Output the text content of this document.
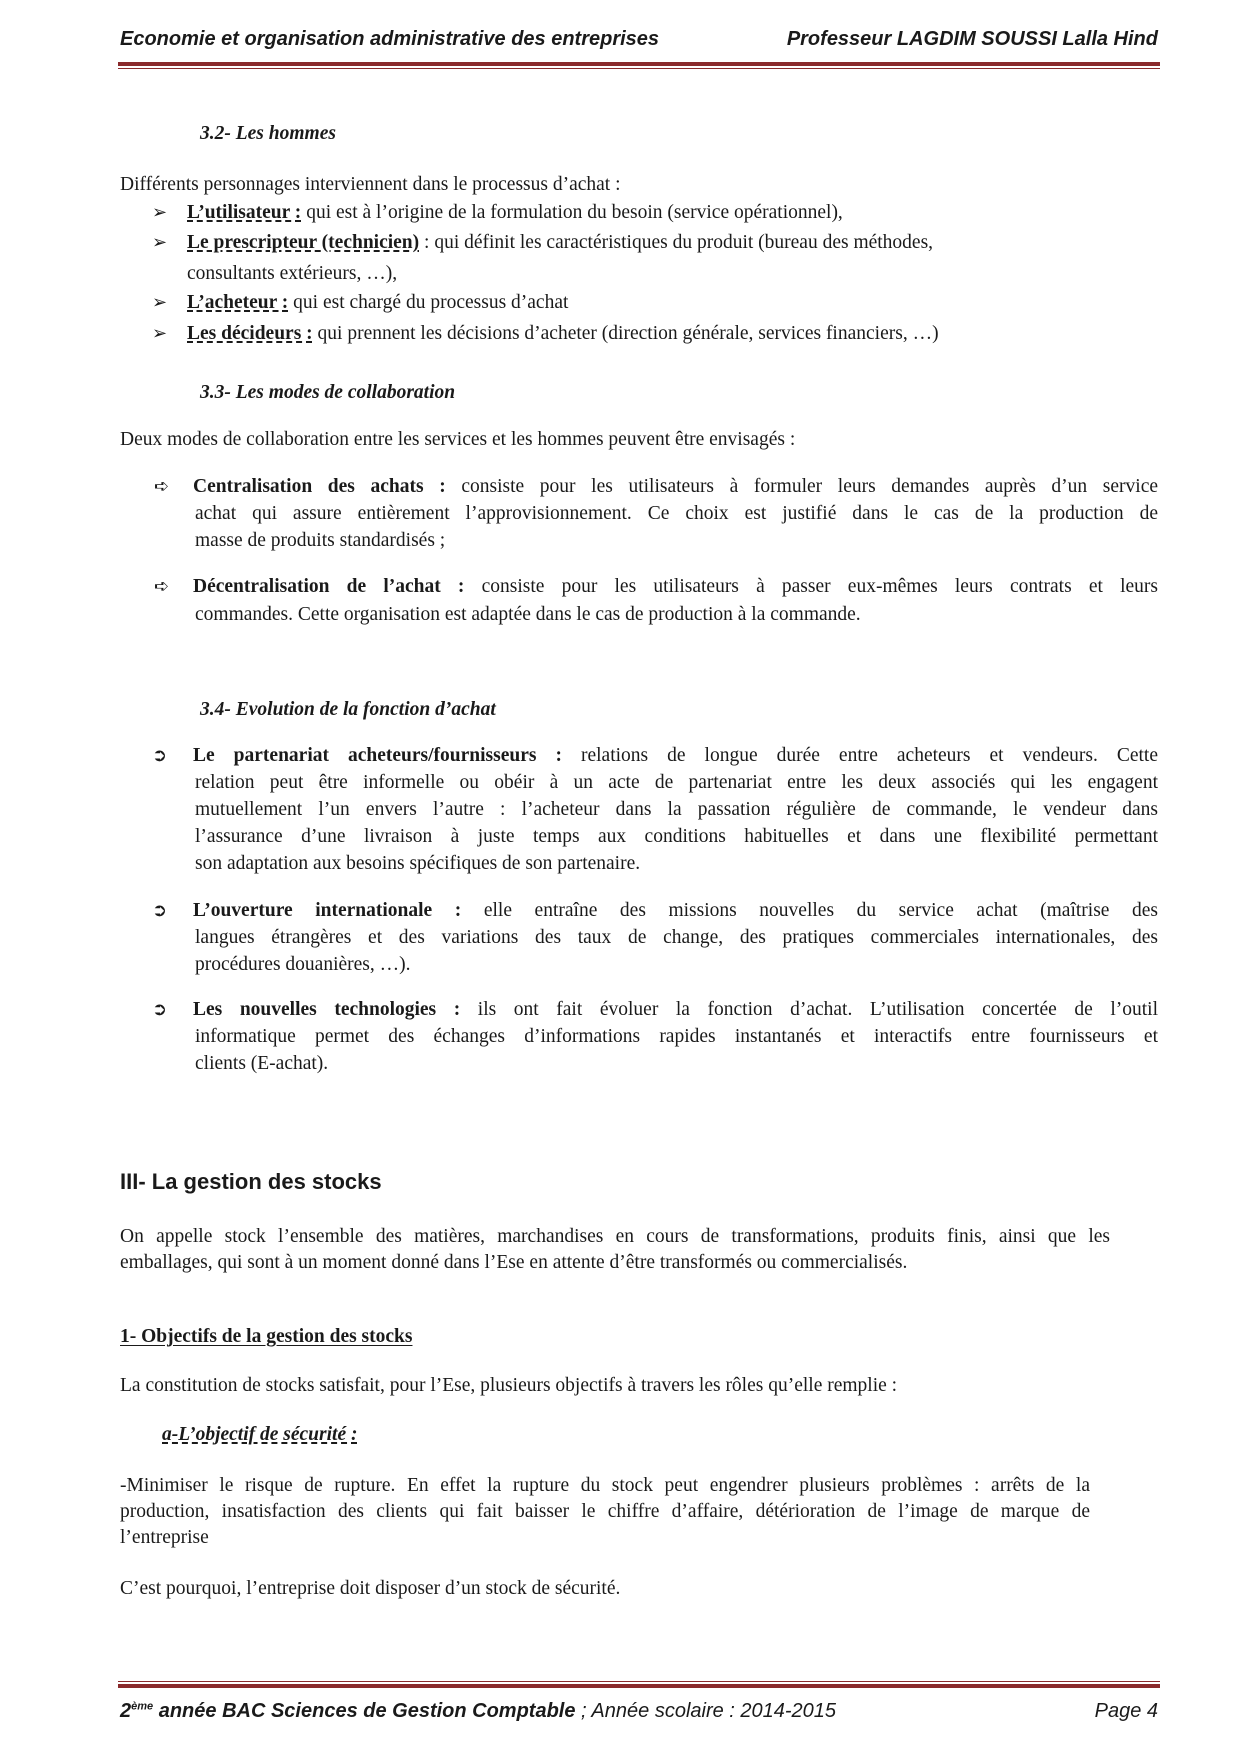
Economie et organisation administrative des entreprises	Professeur LAGDIM SOUSSI Lalla Hind
3.2- Les hommes
Différents personnages interviennent dans le processus d’achat :
➢ L’utilisateur : qui est à l’origine de la formulation du besoin (service opérationnel),
➢ Le prescripteur (technicien) : qui définit les caractéristiques du produit (bureau des méthodes,
consultants extérieurs, …),
➢ L’acheteur : qui est chargé du processus d’achat
➢ Les décideurs : qui prennent les décisions d’acheter (direction générale, services financiers, …)
3.3- Les modes de collaboration
Deux modes de collaboration entre les services et les hommes peuvent être envisagés :
➪ Centralisation des achats : consiste pour les utilisateurs à formuler leurs demandes auprès d’un service
achat qui assure entièrement l’approvisionnement. Ce choix est justifié dans le cas de la production de
masse de produits standardisés ;
➪ Décentralisation de l’achat : consiste pour les utilisateurs à passer eux-mêmes leurs contrats et leurs
commandes. Cette organisation est adaptée dans le cas de production à la commande.
3.4- Evolution de la fonction d’achat
➲ Le partenariat acheteurs/fournisseurs : relations de longue durée entre acheteurs et vendeurs. Cette
relation peut être informelle ou obéir à un acte de partenariat entre les deux associés qui les engagent
mutuellement l’un envers l’autre : l’acheteur dans la passation régulière de commande, le vendeur dans
l’assurance d’une livraison à juste temps aux conditions habituelles et dans une flexibilité permettant
son adaptation aux besoins spécifiques de son partenaire.
➲ L’ouverture internationale : elle entraîne des missions nouvelles du service achat (maîtrise des
langues étrangères et des variations des taux de change, des pratiques commerciales internationales, des
procédures douanières, …).
➲ Les nouvelles technologies : ils ont fait évoluer la fonction d’achat. L’utilisation concertée de l’outil
informatique permet des échanges d’informations rapides instantanés et interactifs entre fournisseurs et
clients (E-achat).
III- La gestion des stocks
On appelle stock l’ensemble des matières, marchandises en cours de transformations, produits finis, ainsi que les
emballages, qui sont à un moment donné dans l’Ese en attente d’être transformés ou commercialisés.
1- Objectifs de la gestion des stocks
La constitution de stocks satisfait, pour l’Ese, plusieurs objectifs à travers les rôles qu’elle remplie :
a-L’objectif de sécurité :
-Minimiser le risque de rupture. En effet la rupture du stock peut engendrer plusieurs problèmes : arrêts de la
production, insatisfaction des clients qui fait baisser le chiffre d’affaire, détérioration de l’image de marque de
l’entreprise
C’est pourquoi, l’entreprise doit disposer d’un stock de sécurité.
2ème année BAC Sciences de Gestion Comptable ; Année scolaire : 2014-2015	Page 4
